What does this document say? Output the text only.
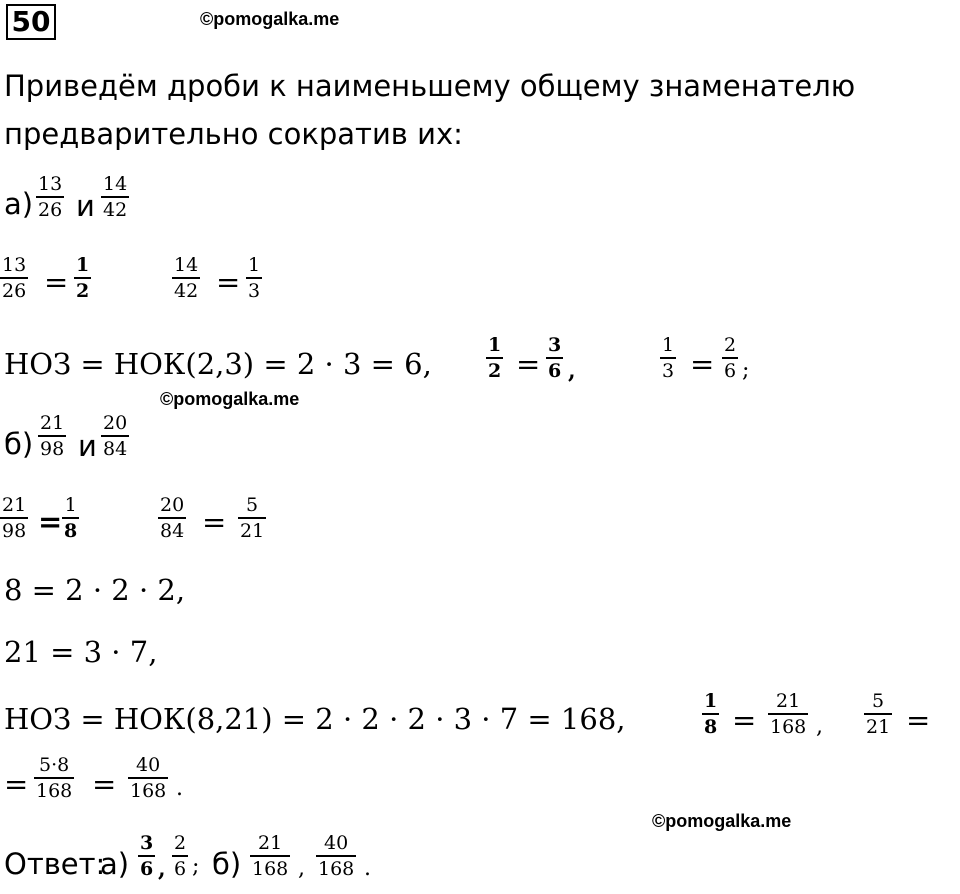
50	©pomogalka.me
Приведём дроби к наименьшему общему знаменателю
предварительно сократив их:
$а) \frac{13}{26}$ и $\frac{14}{42}$
$\frac{13}{26} = \frac{1}{2}$	$\frac{14}{42} = \frac{1}{3}$
НОЗ = НОК(2,3) = 2 · 3 = 6,	$\frac{1}{2} = \frac{3}{6}$ ,	$\frac{1}{3} = \frac{2}{6}$ ;
©pomogalka.me
$б) \frac{21}{98}$ и $\frac{20}{84}$
$\frac{21}{98} = \frac{1}{8}$	$\frac{20}{84} = \frac{5}{21}$
8 = 2 · 2 · 2,
21 = 3 · 7,
НОЗ = НОК(8,21) = 2 · 2 · 2 · 3 · 7 = 168,	$\frac{1}{8} = \frac{21}{168}$ , $\frac{5}{21}$ =
= $\frac{5\cdot 8}{168} = \frac{40}{168}$ .
©pomogalka.me
Ответ:
$а) \frac{3}{6}$ , $\frac{2}{6}$ ; $б) \frac{21}{168}$ , $\frac{40}{168}$ .
